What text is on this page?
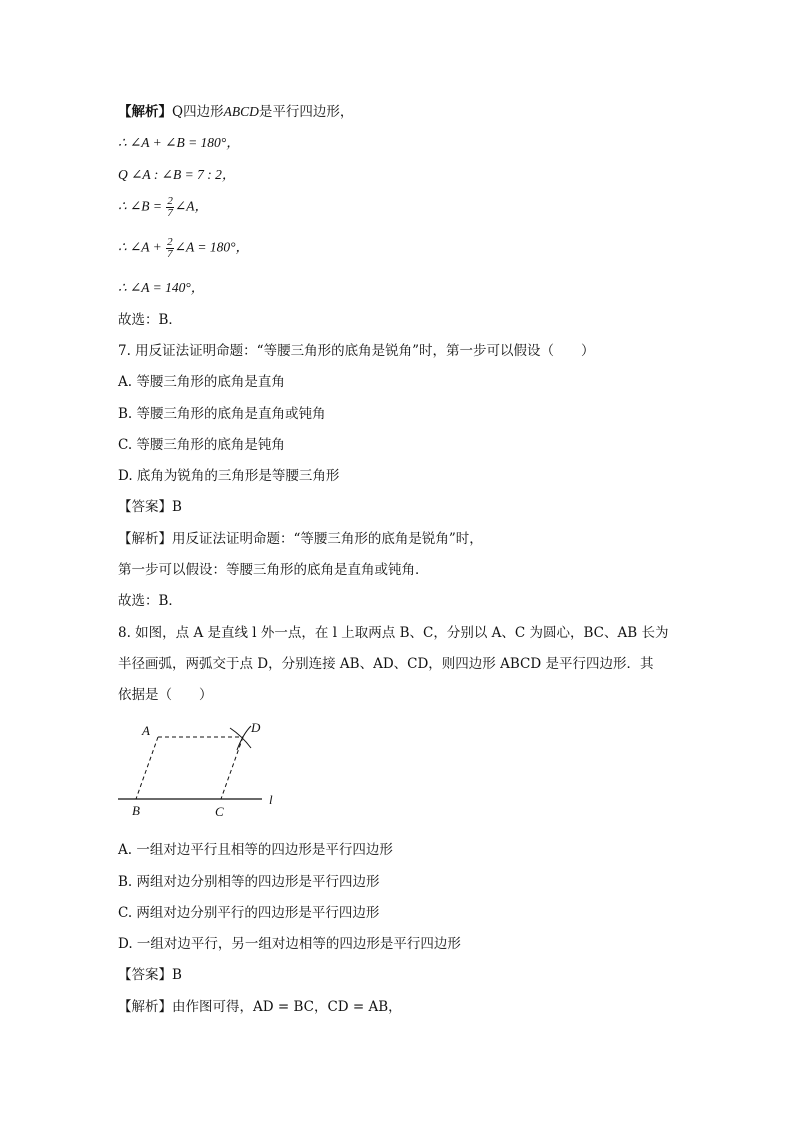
【解析】Q四边形ABCD是平行四边形，
∴ ∠A + ∠B = 180°，
Q ∠A : ∠B = 7 : 2，
∴ ∠B = $\frac{2}{7}$ ∠A，
∴ ∠A + $\frac{2}{7}$ ∠A = 180°，
∴ ∠A = 140°，
故选：B．
7. 用反证法证明命题：“等腰三角形的底角是锐角”时，第一步可以假设（　　）
A. 等腰三角形的底角是直角
B. 等腰三角形的底角是直角或钝角
C. 等腰三角形的底角是钝角
D. 底角为锐角的三角形是等腰三角形
【答案】B
【解析】用反证法证明命题：“等腰三角形的底角是锐角”时，
第一步可以假设：等腰三角形的底角是直角或钝角．
故选：B．
8. 如图，点 A 是直线 l 外一点，在 l 上取两点 B、C，分别以 A、C 为圆心，BC、AB 长为
半径画弧，两弧交于点 D，分别连接 AB、AD、CD，则四边形 ABCD 是平行四边形．其
依据是（　　）
A	D
B	C
l
A. 一组对边平行且相等的四边形是平行四边形
B. 两组对边分别相等的四边形是平行四边形
C. 两组对边分别平行的四边形是平行四边形
D. 一组对边平行，另一组对边相等的四边形是平行四边形
【答案】B
【解析】由作图可得，AD = BC，CD = AB，
